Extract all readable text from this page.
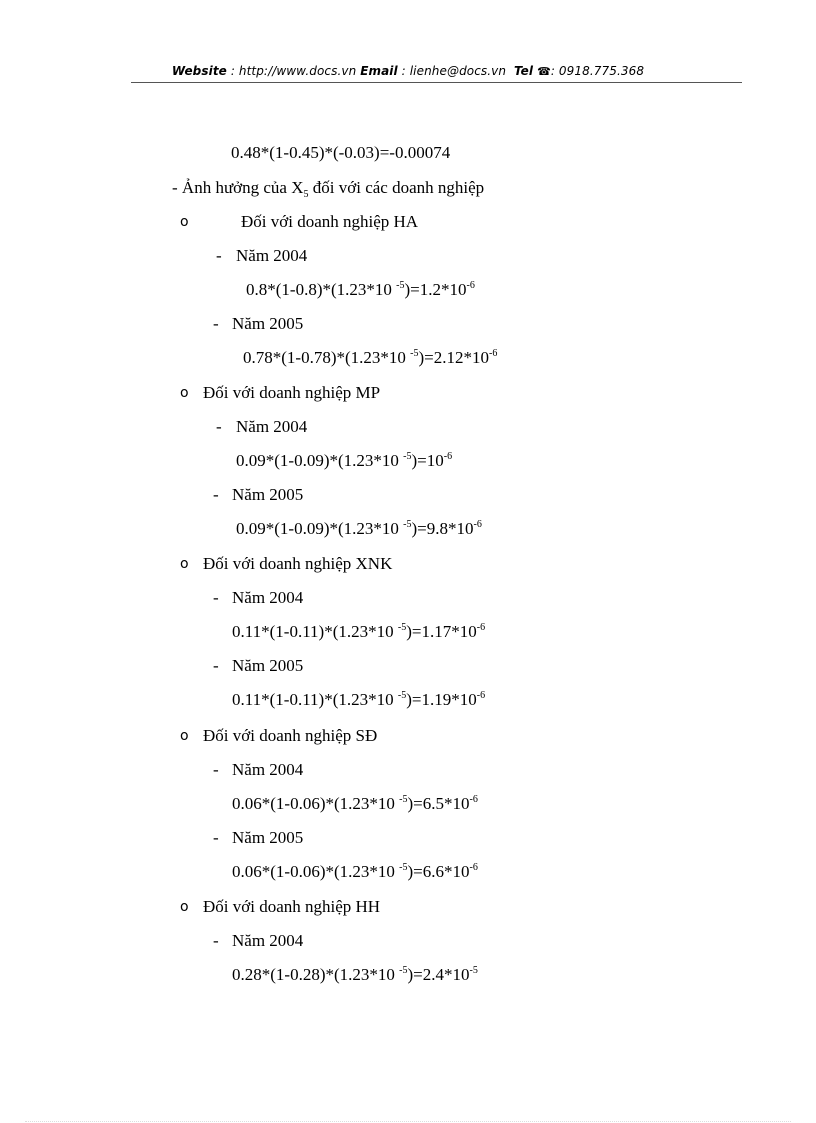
Website : http://www.docs.vn Email : lienhe@docs.vn Tel ☎: 0918.775.368
0.48*(1-0.45)*(-0.03)=-0.00074
- Ảnh hưởng của $X_5$ đối với các doanh nghiệp
o	Đối với doanh nghiệp HA
- Năm 2004
0.8*(1-0.8)*(1.23*10 $^{-5})=1.2*10^{-6}$
- Năm 2005
0.78*(1-0.78)*(1.23*10 $^{-5})=2.12*10^{-6}$
o Đối với doanh nghiệp MP
- Năm 2004
0.09*(1-0.09)*(1.23*10 $^{-5})=10^{-6}$
- Năm 2005
0.09*(1-0.09)*(1.23*10 $^{-5})=9.8*10^{-6}$
o Đối với doanh nghiệp XNK
- Năm 2004
0.11*(1-0.11)*(1.23*10 $^{-5})=1.17*10^{-6}$
- Năm 2005
0.11*(1-0.11)*(1.23*10 $^{-5})=1.19*10^{-6}$
o Đối với doanh nghiệp SĐ
- Năm 2004
0.06*(1-0.06)*(1.23*10 $^{-5})=6.5*10^{-6}$
- Năm 2005
0.06*(1-0.06)*(1.23*10 $^{-5})=6.6*10^{-6}$
o Đối với doanh nghiệp HH
- Năm 2004
0.28*(1-0.28)*(1.23*10 $^{-5})=2.4*10^{-5}$
